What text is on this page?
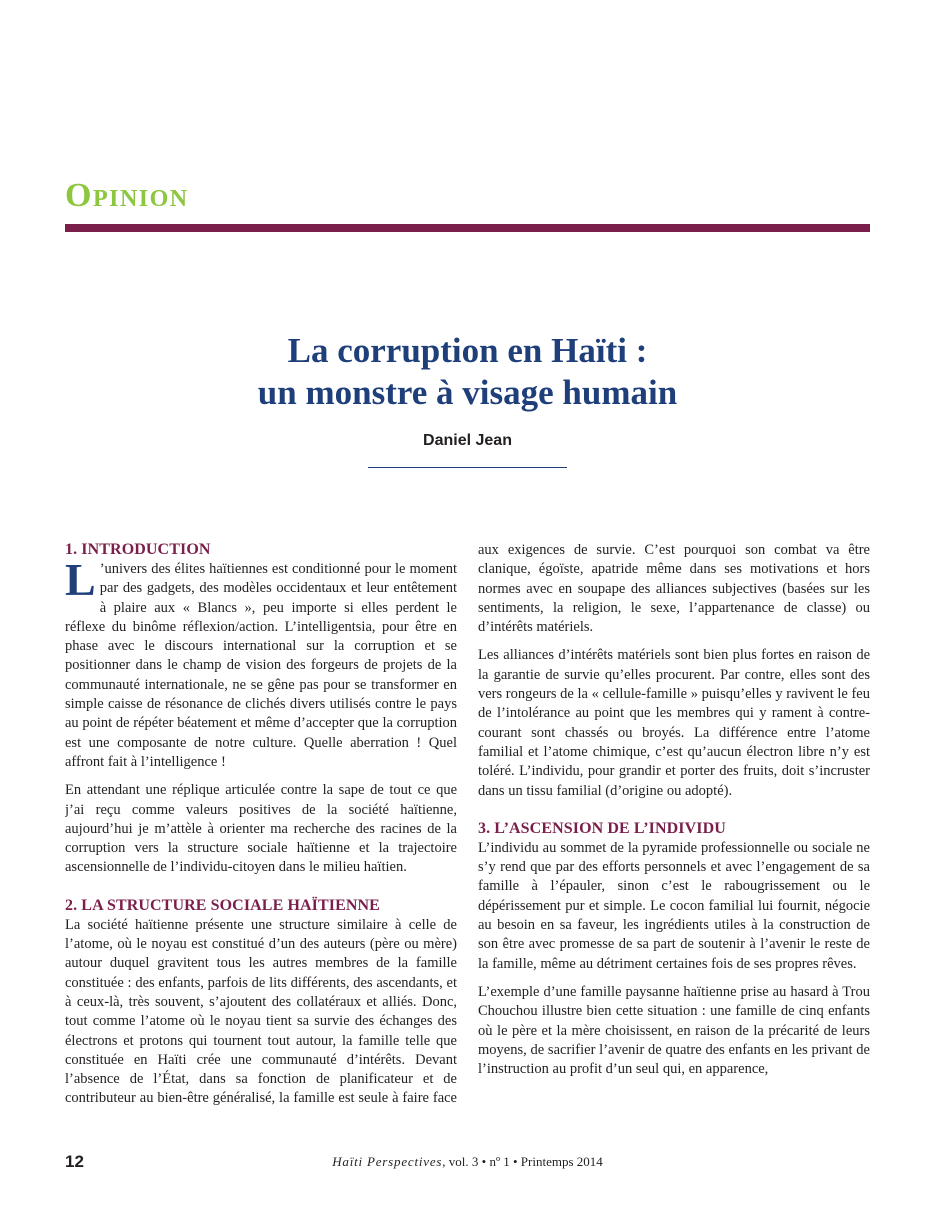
Opinion
La corruption en Haïti :
un monstre à visage humain

Daniel Jean

1. INTRODUCTION

L ’univers des élites haïtiennes est conditionné pour le moment par des gadgets, des modèles occidentaux et leur entêtement à plaire aux « Blancs », peu importe si elles perdent le réflexe du binôme réflexion/action. L’intelligentsia, pour être en phase avec le discours international sur la corruption et se positionner dans le champ de vision des forgeurs de projets de la communauté internationale, ne se gêne pas pour se transformer en simple caisse de résonance de clichés divers utilisés contre le pays au point de répéter béatement et même d’accepter que la corruption est une composante de notre culture. Quelle aberration ! Quel affront fait à l’intelligence !

En attendant une réplique articulée contre la sape de tout ce que j’ai reçu comme valeurs positives de la société haïtienne, aujourd’hui je m’attèle à orienter ma recherche des racines de la corruption vers la structure sociale haïtienne et la trajectoire ascensionnelle de l’individu-citoyen dans le milieu haïtien.

2. LA STRUCTURE SOCIALE HAÏTIENNE

La société haïtienne présente une structure similaire à celle de l’atome, où le noyau est constitué d’un des auteurs (père ou mère) autour duquel gravitent tous les autres membres de la famille constituée : des enfants, parfois de lits différents, des ascendants, et à ceux-là, très souvent, s’ajoutent des collatéraux et alliés. Donc, tout comme l’atome où le noyau tient sa survie des échanges des électrons et protons qui tournent tout autour, la famille telle que constituée en Haïti crée une communauté d’intérêts. Devant l’absence de l’État, dans sa fonction de planificateur et de contributeur au bien-être généralisé, la famille est seule à faire face

aux exigences de survie. C’est pourquoi son combat va être clanique, égoïste, apatride même dans ses motivations et hors normes avec en soupape des alliances subjectives (basées sur les sentiments, la religion, le sexe, l’appartenance de classe) ou d’intérêts matériels.

Les alliances d’intérêts matériels sont bien plus fortes en raison de la garantie de survie qu’elles procurent. Par contre, elles sont des vers rongeurs de la « cellule-famille » puisqu’elles y ravivent le feu de l’intolérance au point que les membres qui y rament à contre-courant sont chassés ou broyés. La différence entre l’atome familial et l’atome chimique, c’est qu’aucun électron libre n’y est toléré. L’individu, pour grandir et porter des fruits, doit s’incruster dans un tissu familial (d’origine ou adopté).

3. L’ASCENSION DE L’INDIVIDU

L’individu au sommet de la pyramide professionnelle ou sociale ne s’y rend que par des efforts personnels et avec l’engagement de sa famille à l’épauler, sinon c’est le rabougrissement ou le dépérissement pur et simple. Le cocon familial lui fournit, négocie au besoin en sa faveur, les ingrédients utiles à la construction de son être avec promesse de sa part de soutenir à l’avenir le reste de la famille, même au détriment certaines fois de ses propres rêves.

L’exemple d’une famille paysanne haïtienne prise au hasard à Trou Chouchou illustre bien cette situation : une famille de cinq enfants où le père et la mère choisissent, en raison de la précarité de leurs moyens, de sacrifier l’avenir de quatre des enfants en les privant de l’instruction au profit d’un seul qui, en apparence,

12	Haïti Perspectives, vol. 3 • nº 1 • Printemps 2014
